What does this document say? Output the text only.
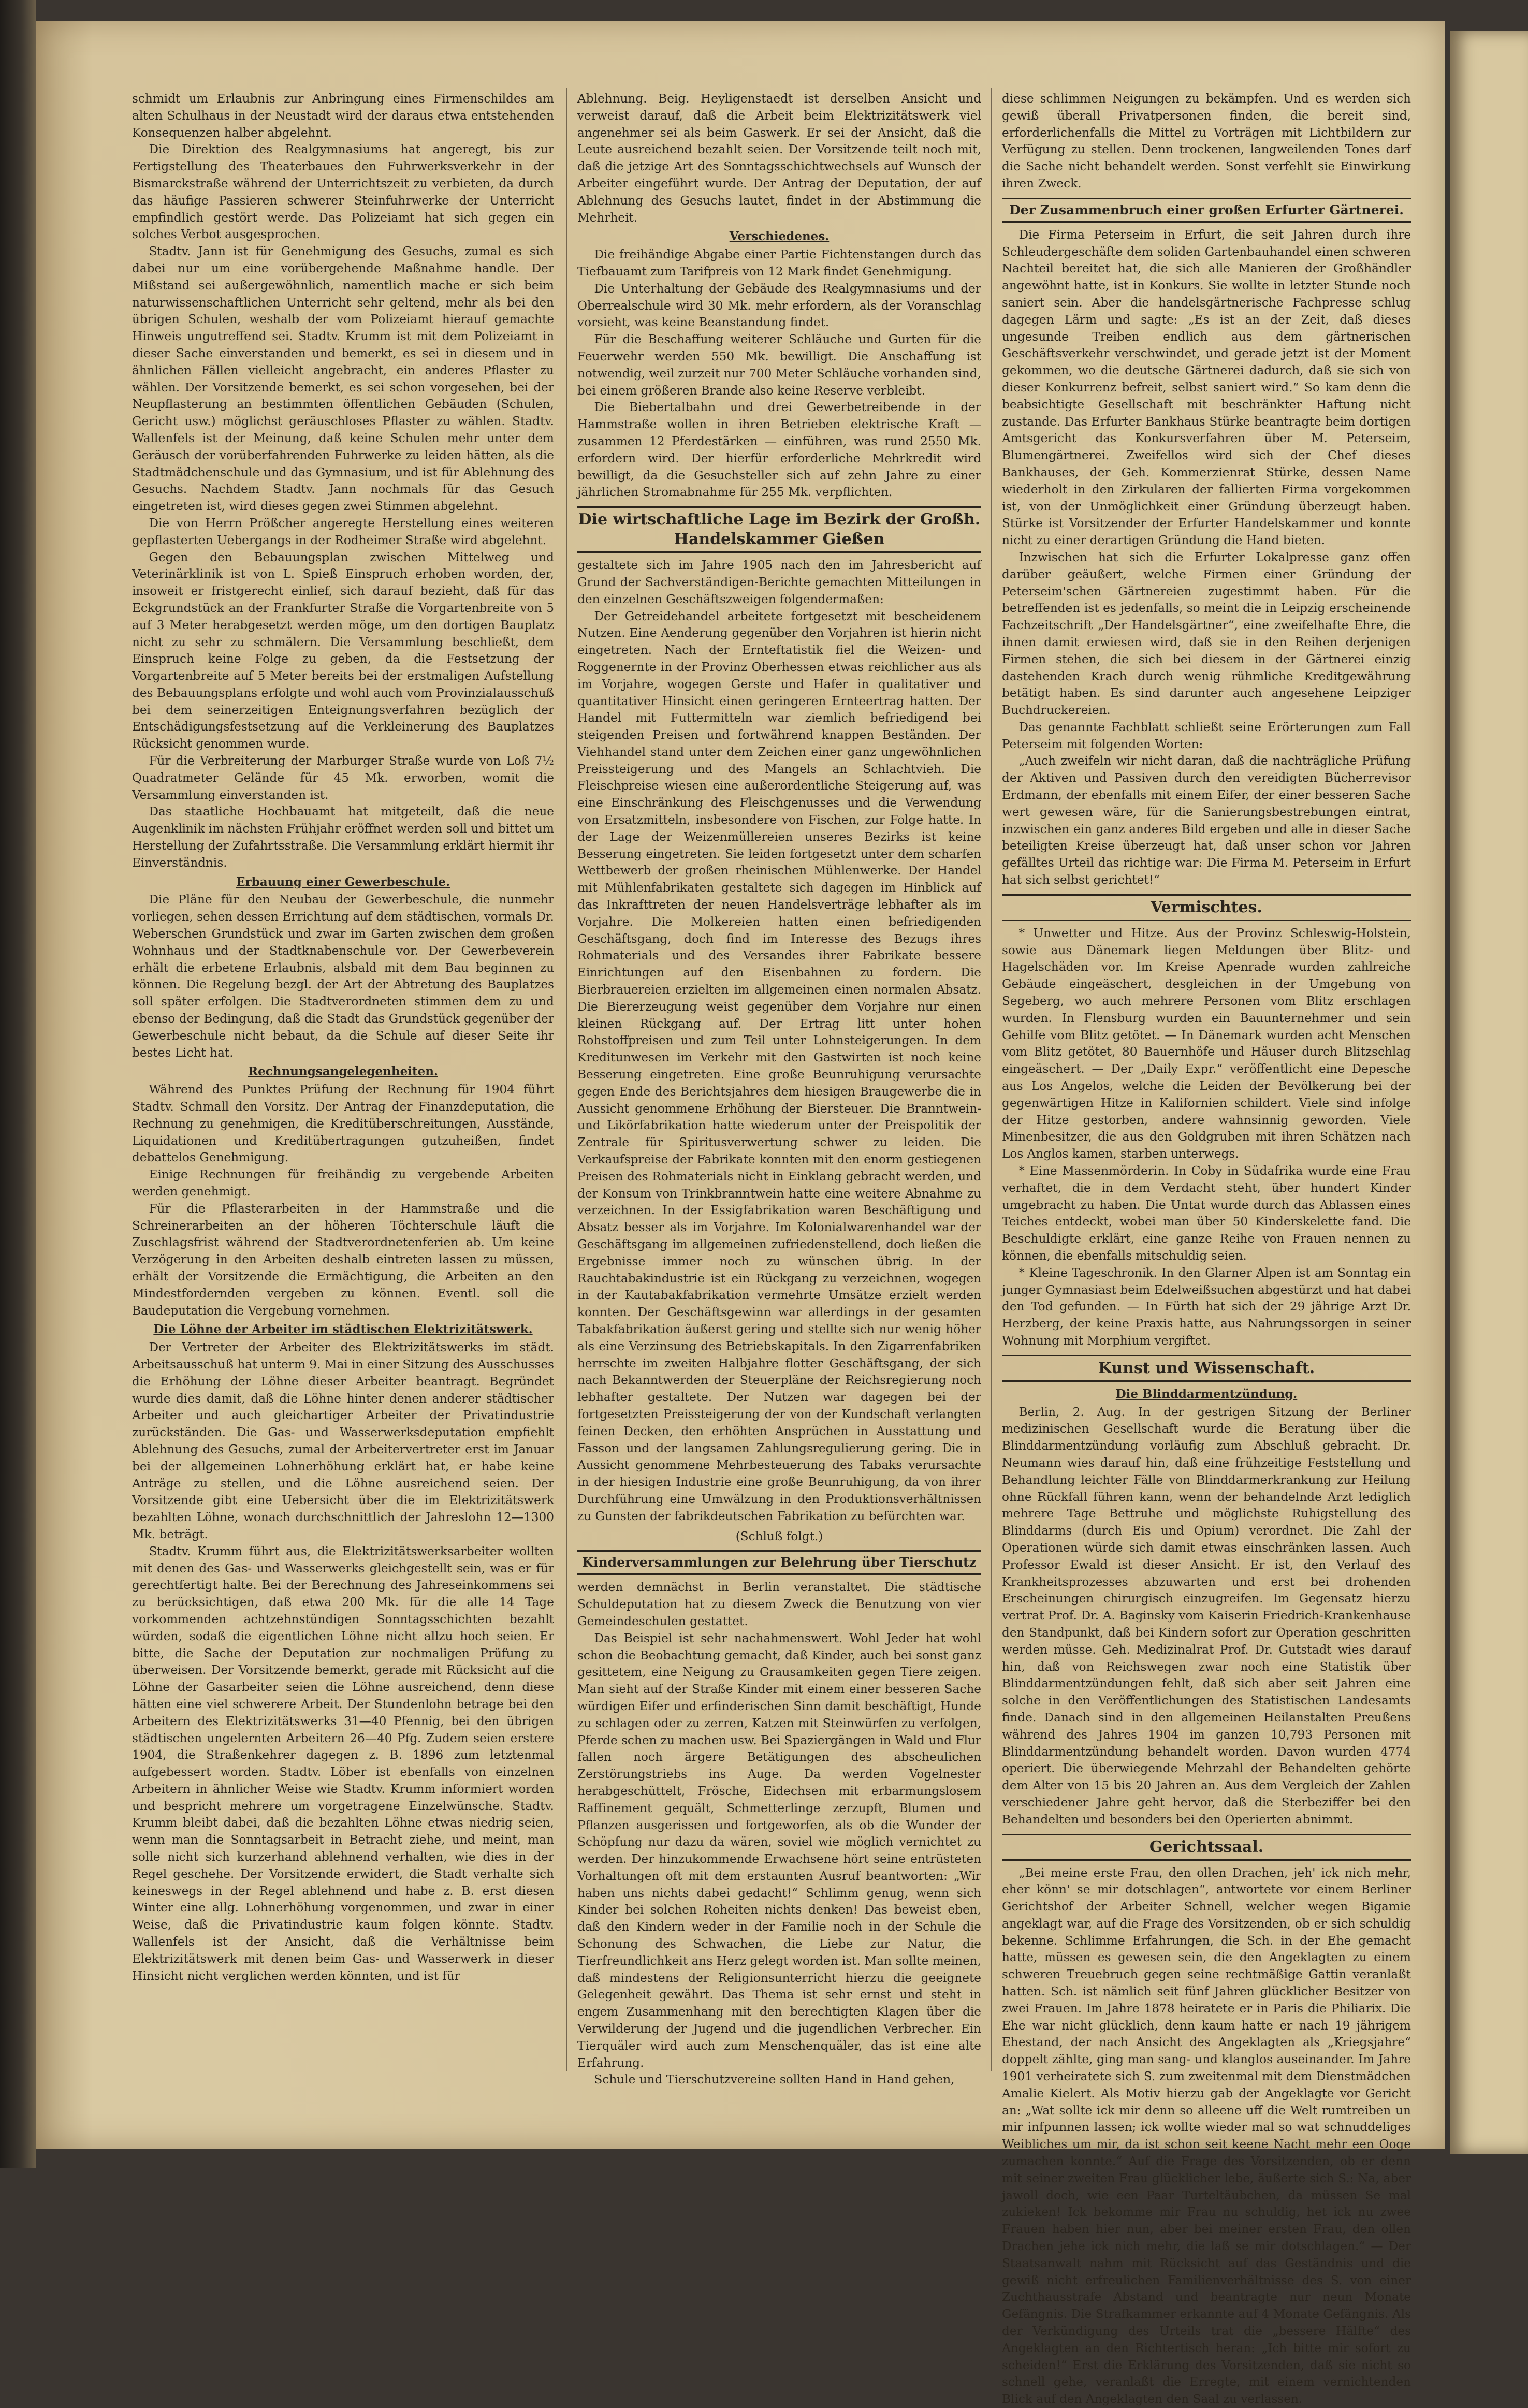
schmidt um Erlaubnis zur Anbringung eines Firmenschildes am alten Schulhaus in der Neustadt wird der daraus etwa entstehenden Konsequenzen halber abgelehnt.

Die Direktion des Realgymnasiums hat angeregt, bis zur Fertigstellung des Theaterbaues den Fuhrwerksverkehr in der Bismarckstraße während der Unterrichtszeit zu verbieten, da durch das häufige Passieren schwerer Steinfuhrwerke der Unterricht empfindlich gestört werde. Das Polizeiamt hat sich gegen ein solches Verbot ausgesprochen.

Stadtv. Jann ist für Genehmigung des Gesuchs, zumal es sich dabei nur um eine vorübergehende Maßnahme handle. Der Mißstand sei außergewöhnlich, namentlich mache er sich beim naturwissenschaftlichen Unterricht sehr geltend, mehr als bei den übrigen Schulen, weshalb der vom Polizeiamt hierauf gemachte Hinweis ungutreffend sei. Stadtv. Krumm ist mit dem Polizeiamt in dieser Sache einverstanden und bemerkt, es sei in diesem und in ähnlichen Fällen vielleicht angebracht, ein anderes Pflaster zu wählen. Der Vorsitzende bemerkt, es sei schon vorgesehen, bei der Neupflasterung an bestimmten öffentlichen Gebäuden (Schulen, Gericht usw.) möglichst geräuschloses Pflaster zu wählen. Stadtv. Wallenfels ist der Meinung, daß keine Schulen mehr unter dem Geräusch der vorüberfahrenden Fuhrwerke zu leiden hätten, als die Stadtmädchenschule und das Gymnasium, und ist für Ablehnung des Gesuchs. Nachdem Stadtv. Jann nochmals für das Gesuch eingetreten ist, wird dieses gegen zwei Stimmen abgelehnt.

Die von Herrn Prößcher angeregte Herstellung eines weiteren gepflasterten Uebergangs in der Rodheimer Straße wird abgelehnt.

Gegen den Bebauungsplan zwischen Mittelweg und Veterinärklinik ist von L. Spieß Einspruch erhoben worden, der, insoweit er fristgerecht einlief, sich darauf bezieht, daß für das Eckgrundstück an der Frankfurter Straße die Vorgartenbreite von 5 auf 3 Meter herabgesetzt werden möge, um den dortigen Bauplatz nicht zu sehr zu schmälern. Die Versammlung beschließt, dem Einspruch keine Folge zu geben, da die Festsetzung der Vorgartenbreite auf 5 Meter bereits bei der erstmaligen Aufstellung des Bebauungsplans erfolgte und wohl auch vom Provinzialausschuß bei dem seinerzeitigen Enteignungsverfahren bezüglich der Entschädigungsfestsetzung auf die Verkleinerung des Bauplatzes Rücksicht genommen wurde.

Für die Verbreiterung der Marburger Straße wurde von Loß 7½ Quadratmeter Gelände für 45 Mk. erworben, womit die Versammlung einverstanden ist.

Das staatliche Hochbauamt hat mitgeteilt, daß die neue Augenklinik im nächsten Frühjahr eröffnet werden soll und bittet um Herstellung der Zufahrtsstraße. Die Versammlung erklärt hiermit ihr Einverständnis.

Erbauung einer Gewerbeschule.

Die Pläne für den Neubau der Gewerbeschule, die nunmehr vorliegen, sehen dessen Errichtung auf dem städtischen, vormals Dr. Weberschen Grundstück und zwar im Garten zwischen dem großen Wohnhaus und der Stadtknabenschule vor. Der Gewerbeverein erhält die erbetene Erlaubnis, alsbald mit dem Bau beginnen zu können. Die Regelung bezgl. der Art der Abtretung des Bauplatzes soll später erfolgen. Die Stadtverordneten stimmen dem zu und ebenso der Bedingung, daß die Stadt das Grundstück gegenüber der Gewerbeschule nicht bebaut, da die Schule auf dieser Seite ihr bestes Licht hat.

Rechnungsangelegenheiten.

Während des Punktes Prüfung der Rechnung für 1904 führt Stadtv. Schmall den Vorsitz. Der Antrag der Finanzdeputation, die Rechnung zu genehmigen, die Kreditüberschreitungen, Ausstände, Liquidationen und Kreditübertragungen gutzuheißen, findet debattelos Genehmigung.

Einige Rechnungen für freihändig zu vergebende Arbeiten werden genehmigt.

Für die Pflasterarbeiten in der Hammstraße und die Schreinerarbeiten an der höheren Töchterschule läuft die Zuschlagsfrist während der Stadtverordnetenferien ab. Um keine Verzögerung in den Arbeiten deshalb eintreten lassen zu müssen, erhält der Vorsitzende die Ermächtigung, die Arbeiten an den Mindestfordernden vergeben zu können. Eventl. soll die Baudeputation die Vergebung vornehmen.

Die Löhne der Arbeiter im städtischen Elektrizitätswerk.

Der Vertreter der Arbeiter des Elektrizitätswerks im städt. Arbeitsausschuß hat unterm 9. Mai in einer Sitzung des Ausschusses die Erhöhung der Löhne dieser Arbeiter beantragt. Begründet wurde dies damit, daß die Löhne hinter denen anderer städtischer Arbeiter und auch gleichartiger Arbeiter der Privatindustrie zurückständen. Die Gas- und Wasserwerksdeputation empfiehlt Ablehnung des Gesuchs, zumal der Arbeitervertreter erst im Januar bei der allgemeinen Lohnerhöhung erklärt hat, er habe keine Anträge zu stellen, und die Löhne ausreichend seien. Der Vorsitzende gibt eine Uebersicht über die im Elektrizitätswerk bezahlten Löhne, wonach durchschnittlich der Jahreslohn 12—1300 Mk. beträgt.

Stadtv. Krumm führt aus, die Elektrizitätswerksarbeiter wollten mit denen des Gas- und Wasserwerks gleichgestellt sein, was er für gerechtfertigt halte. Bei der Berechnung des Jahreseinkommens sei zu berücksichtigen, daß etwa 200 Mk. für die alle 14 Tage vorkommenden achtzehnstündigen Sonntagsschichten bezahlt würden, sodaß die eigentlichen Löhne nicht allzu hoch seien. Er bitte, die Sache der Deputation zur nochmaligen Prüfung zu überweisen. Der Vorsitzende bemerkt, gerade mit Rücksicht auf die Löhne der Gasarbeiter seien die Löhne ausreichend, denn diese hätten eine viel schwerere Arbeit. Der Stundenlohn betrage bei den Arbeitern des Elektrizitätswerks 31—40 Pfennig, bei den übrigen städtischen ungelernten Arbeitern 26—40 Pfg. Zudem seien erstere 1904, die Straßenkehrer dagegen z. B. 1896 zum letztenmal aufgebessert worden. Stadtv. Löber ist ebenfalls von einzelnen Arbeitern in ähnlicher Weise wie Stadtv. Krumm informiert worden und bespricht mehrere um vorgetragene Einzelwünsche. Stadtv. Krumm bleibt dabei, daß die bezahlten Löhne etwas niedrig seien, wenn man die Sonntagsarbeit in Betracht ziehe, und meint, man solle nicht sich kurzerhand ablehnend verhalten, wie dies in der Regel geschehe. Der Vorsitzende erwidert, die Stadt verhalte sich keineswegs in der Regel ablehnend und habe z. B. erst diesen Winter eine allg. Lohnerhöhung vorgenommen, und zwar in einer Weise, daß die Privatindustrie kaum folgen könnte. Stadtv. Wallenfels ist der Ansicht, daß die Verhältnisse beim Elektrizitätswerk mit denen beim Gas- und Wasserwerk in dieser Hinsicht nicht verglichen werden könnten, und ist für

Ablehnung. Beig. Heyligenstaedt ist derselben Ansicht und verweist darauf, daß die Arbeit beim Elektrizitätswerk viel angenehmer sei als beim Gaswerk. Er sei der Ansicht, daß die Leute ausreichend bezahlt seien. Der Vorsitzende teilt noch mit, daß die jetzige Art des Sonntagsschichtwechsels auf Wunsch der Arbeiter eingeführt wurde. Der Antrag der Deputation, der auf Ablehnung des Gesuchs lautet, findet in der Abstimmung die Mehrheit.

Verschiedenes.

Die freihändige Abgabe einer Partie Fichtenstangen durch das Tiefbauamt zum Tarifpreis von 12 Mark findet Genehmigung.

Die Unterhaltung der Gebäude des Realgymnasiums und der Oberrealschule wird 30 Mk. mehr erfordern, als der Voranschlag vorsieht, was keine Beanstandung findet.

Für die Beschaffung weiterer Schläuche und Gurten für die Feuerwehr werden 550 Mk. bewilligt. Die Anschaffung ist notwendig, weil zurzeit nur 700 Meter Schläuche vorhanden sind, bei einem größeren Brande also keine Reserve verbleibt.

Die Biebertalbahn und drei Gewerbetreibende in der Hammstraße wollen in ihren Betrieben elektrische Kraft — zusammen 12 Pferdestärken — einführen, was rund 2550 Mk. erfordern wird. Der hierfür erforderliche Mehrkredit wird bewilligt, da die Gesuchsteller sich auf zehn Jahre zu einer jährlichen Stromabnahme für 255 Mk. verpflichten.

Die wirtschaftliche Lage im Bezirk der Großh. Handelskammer Gießen

gestaltete sich im Jahre 1905 nach den im Jahresbericht auf Grund der Sachverständigen-Berichte gemachten Mitteilungen in den einzelnen Geschäftszweigen folgendermaßen:

Der Getreidehandel arbeitete fortgesetzt mit bescheidenem Nutzen. Eine Aenderung gegenüber den Vorjahren ist hierin nicht eingetreten. Nach der Ernteftatistik fiel die Weizen- und Roggenernte in der Provinz Oberhessen etwas reichlicher aus als im Vorjahre, wogegen Gerste und Hafer in qualitativer und quantitativer Hinsicht einen geringeren Ernteertrag hatten. Der Handel mit Futtermitteln war ziemlich befriedigend bei steigenden Preisen und fortwährend knappen Beständen. Der Viehhandel stand unter dem Zeichen einer ganz ungewöhnlichen Preissteigerung und des Mangels an Schlachtvieh. Die Fleischpreise wiesen eine außerordentliche Steigerung auf, was eine Einschränkung des Fleischgenusses und die Verwendung von Ersatzmitteln, insbesondere von Fischen, zur Folge hatte. In der Lage der Weizenmüllereien unseres Bezirks ist keine Besserung eingetreten. Sie leiden fortgesetzt unter dem scharfen Wettbewerb der großen rheinischen Mühlenwerke. Der Handel mit Mühlenfabrikaten gestaltete sich dagegen im Hinblick auf das Inkrafttreten der neuen Handelsverträge lebhafter als im Vorjahre. Die Molkereien hatten einen befriedigenden Geschäftsgang, doch find im Interesse des Bezugs ihres Rohmaterials und des Versandes ihrer Fabrikate bessere Einrichtungen auf den Eisenbahnen zu fordern. Die Bierbrauereien erzielten im allgemeinen einen normalen Absatz. Die Biererzeugung weist gegenüber dem Vorjahre nur einen kleinen Rückgang auf. Der Ertrag litt unter hohen Rohstoffpreisen und zum Teil unter Lohnsteigerungen. In dem Kreditunwesen im Verkehr mit den Gastwirten ist noch keine Besserung eingetreten. Eine große Beunruhigung verursachte gegen Ende des Berichtsjahres dem hiesigen Braugewerbe die in Aussicht genommene Erhöhung der Biersteuer. Die Branntwein- und Likörfabrikation hatte wiederum unter der Preispolitik der Zentrale für Spiritusverwertung schwer zu leiden. Die Verkaufspreise der Fabrikate konnten mit den enorm gestiegenen Preisen des Rohmaterials nicht in Einklang gebracht werden, und der Konsum von Trinkbranntwein hatte eine weitere Abnahme zu verzeichnen. In der Essigfabrikation waren Beschäftigung und Absatz besser als im Vorjahre. Im Kolonialwarenhandel war der Geschäftsgang im allgemeinen zufriedenstellend, doch ließen die Ergebnisse immer noch zu wünschen übrig. In der Rauchtabakindustrie ist ein Rückgang zu verzeichnen, wogegen in der Kautabakfabrikation vermehrte Umsätze erzielt werden konnten. Der Geschäftsgewinn war allerdings in der gesamten Tabakfabrikation äußerst gering und stellte sich nur wenig höher als eine Verzinsung des Betriebskapitals. In den Zigarrenfabriken herrschte im zweiten Halbjahre flotter Geschäftsgang, der sich nach Bekanntwerden der Steuerpläne der Reichsregierung noch lebhafter gestaltete. Der Nutzen war dagegen bei der fortgesetzten Preissteigerung der von der Kundschaft verlangten feinen Decken, den erhöhten Ansprüchen in Ausstattung und Fasson und der langsamen Zahlungsregulierung gering. Die in Aussicht genommene Mehrbesteuerung des Tabaks verursachte in der hiesigen Industrie eine große Beunruhigung, da von ihrer Durchführung eine Umwälzung in den Produktionsverhältnissen zu Gunsten der fabrikdeutschen Fabrikation zu befürchten war.

(Schluß folgt.)
Kinderversammlungen zur Belehrung über Tierschutz

werden demnächst in Berlin veranstaltet. Die städtische Schuldeputation hat zu diesem Zweck die Benutzung von vier Gemeindeschulen gestattet.

Das Beispiel ist sehr nachahmenswert. Wohl Jeder hat wohl schon die Beobachtung gemacht, daß Kinder, auch bei sonst ganz gesittetem, eine Neigung zu Grausamkeiten gegen Tiere zeigen. Man sieht auf der Straße Kinder mit einem einer besseren Sache würdigen Eifer und erfinderischen Sinn damit beschäftigt, Hunde zu schlagen oder zu zerren, Katzen mit Steinwürfen zu verfolgen, Pferde schen zu machen usw. Bei Spaziergängen in Wald und Flur fallen noch ärgere Betätigungen des abscheulichen Zerstörungstriebs ins Auge. Da werden Vogelnester herabgeschüttelt, Frösche, Eidechsen mit erbarmungslosem Raffinement gequält, Schmetterlinge zerzupft, Blumen und Pflanzen ausgerissen und fortgeworfen, als ob die Wunder der Schöpfung nur dazu da wären, soviel wie möglich vernichtet zu werden. Der hinzukommende Erwachsene hört seine entrüsteten Vorhaltungen oft mit dem erstaunten Ausruf beantworten: „Wir haben uns nichts dabei gedacht!“ Schlimm genug, wenn sich Kinder bei solchen Roheiten nichts denken! Das beweist eben, daß den Kindern weder in der Familie noch in der Schule die Schonung des Schwachen, die Liebe zur Natur, die Tierfreundlichkeit ans Herz gelegt worden ist. Man sollte meinen, daß mindestens der Religionsunterricht hierzu die geeignete Gelegenheit gewährt. Das Thema ist sehr ernst und steht in engem Zusammenhang mit den berechtigten Klagen über die Verwilderung der Jugend und die jugendlichen Verbrecher. Ein Tierquäler wird auch zum Menschenquäler, das ist eine alte Erfahrung.

Schule und Tierschutzvereine sollten Hand in Hand gehen,

diese schlimmen Neigungen zu bekämpfen. Und es werden sich gewiß überall Privatpersonen finden, die bereit sind, erforderlichenfalls die Mittel zu Vorträgen mit Lichtbildern zur Verfügung zu stellen. Denn trockenen, langweilenden Tones darf die Sache nicht behandelt werden. Sonst verfehlt sie Einwirkung ihren Zweck.

Der Zusammenbruch einer großen Erfurter Gärtnerei.

Die Firma Peterseim in Erfurt, die seit Jahren durch ihre Schleudergeschäfte dem soliden Gartenbauhandel einen schweren Nachteil bereitet hat, die sich alle Manieren der Großhändler angewöhnt hatte, ist in Konkurs. Sie wollte in letzter Stunde noch saniert sein. Aber die handelsgärtnerische Fachpresse schlug dagegen Lärm und sagte: „Es ist an der Zeit, daß dieses ungesunde Treiben endlich aus dem gärtnerischen Geschäftsverkehr verschwindet, und gerade jetzt ist der Moment gekommen, wo die deutsche Gärtnerei dadurch, daß sie sich von dieser Konkurrenz befreit, selbst saniert wird.“ So kam denn die beabsichtigte Gesellschaft mit beschränkter Haftung nicht zustande. Das Erfurter Bankhaus Stürke beantragte beim dortigen Amtsgericht das Konkursverfahren über M. Peterseim, Blumengärtnerei. Zweifellos wird sich der Chef dieses Bankhauses, der Geh. Kommerzienrat Stürke, dessen Name wiederholt in den Zirkularen der fallierten Firma vorgekommen ist, von der Unmöglichkeit einer Gründung überzeugt haben. Stürke ist Vorsitzender der Erfurter Handelskammer und konnte nicht zu einer derartigen Gründung die Hand bieten.

Inzwischen hat sich die Erfurter Lokalpresse ganz offen darüber geäußert, welche Firmen einer Gründung der Peterseim'schen Gärtnereien zugestimmt haben. Für die betreffenden ist es jedenfalls, so meint die in Leipzig erscheinende Fachzeitschrift „Der Handelsgärtner“, eine zweifelhafte Ehre, die ihnen damit erwiesen wird, daß sie in den Reihen derjenigen Firmen stehen, die sich bei diesem in der Gärtnerei einzig dastehenden Krach durch wenig rühmliche Kreditgewährung betätigt haben. Es sind darunter auch angesehene Leipziger Buchdruckereien.

Das genannte Fachblatt schließt seine Erörterungen zum Fall Peterseim mit folgenden Worten:

„Auch zweifeln wir nicht daran, daß die nachträgliche Prüfung der Aktiven und Passiven durch den vereidigten Bücherrevisor Erdmann, der ebenfalls mit einem Eifer, der einer besseren Sache wert gewesen wäre, für die Sanierungsbestrebungen eintrat, inzwischen ein ganz anderes Bild ergeben und alle in dieser Sache beteiligten Kreise überzeugt hat, daß unser schon vor Jahren gefälltes Urteil das richtige war: Die Firma M. Peterseim in Erfurt hat sich selbst gerichtet!“

Vermischtes.

* Unwetter und Hitze. Aus der Provinz Schleswig-Holstein, sowie aus Dänemark liegen Meldungen über Blitz- und Hagelschäden vor. Im Kreise Apenrade wurden zahlreiche Gebäude eingeäschert, desgleichen in der Umgebung von Segeberg, wo auch mehrere Personen vom Blitz erschlagen wurden. In Flensburg wurden ein Bauunternehmer und sein Gehilfe vom Blitz getötet. — In Dänemark wurden acht Menschen vom Blitz getötet, 80 Bauernhöfe und Häuser durch Blitzschlag eingeäschert. — Der „Daily Expr.“ veröffentlicht eine Depesche aus Los Angelos, welche die Leiden der Bevölkerung bei der gegenwärtigen Hitze in Kalifornien schildert. Viele sind infolge der Hitze gestorben, andere wahnsinnig geworden. Viele Minenbesitzer, die aus den Goldgruben mit ihren Schätzen nach Los Anglos kamen, starben unterwegs.

* Eine Massenmörderin. In Coby in Südafrika wurde eine Frau verhaftet, die in dem Verdacht steht, über hundert Kinder umgebracht zu haben. Die Untat wurde durch das Ablassen eines Teiches entdeckt, wobei man über 50 Kinderskelette fand. Die Beschuldigte erklärt, eine ganze Reihe von Frauen nennen zu können, die ebenfalls mitschuldig seien.

* Kleine Tageschronik. In den Glarner Alpen ist am Sonntag ein junger Gymnasiast beim Edelweißsuchen abgestürzt und hat dabei den Tod gefunden. — In Fürth hat sich der 29 jährige Arzt Dr. Herzberg, der keine Praxis hatte, aus Nahrungssorgen in seiner Wohnung mit Morphium vergiftet.

Kunst und Wissenschaft.
Die Blinddarmentzündung.

Berlin, 2. Aug. In der gestrigen Sitzung der Berliner medizinischen Gesellschaft wurde die Beratung über die Blinddarmentzündung vorläufig zum Abschluß gebracht. Dr. Neumann wies darauf hin, daß eine frühzeitige Feststellung und Behandlung leichter Fälle von Blinddarmerkrankung zur Heilung ohne Rückfall führen kann, wenn der behandelnde Arzt lediglich mehrere Tage Bettruhe und möglichste Ruhigstellung des Blinddarms (durch Eis und Opium) verordnet. Die Zahl der Operationen würde sich damit etwas einschränken lassen. Auch Professor Ewald ist dieser Ansicht. Er ist, den Verlauf des Krankheitsprozesses abzuwarten und erst bei drohenden Erscheinungen chirurgisch einzugreifen. Im Gegensatz hierzu vertrat Prof. Dr. A. Baginsky vom Kaiserin Friedrich-Krankenhause den Standpunkt, daß bei Kindern sofort zur Operation geschritten werden müsse. Geh. Medizinalrat Prof. Dr. Gutstadt wies darauf hin, daß von Reichswegen zwar noch eine Statistik über Blinddarmentzündungen fehlt, daß sich aber seit Jahren eine solche in den Veröffentlichungen des Statistischen Landesamts finde. Danach sind in den allgemeinen Heilanstalten Preußens während des Jahres 1904 im ganzen 10,793 Personen mit Blinddarmentzündung behandelt worden. Davon wurden 4774 operiert. Die überwiegende Mehrzahl der Behandelten gehörte dem Alter von 15 bis 20 Jahren an. Aus dem Vergleich der Zahlen verschiedener Jahre geht hervor, daß die Sterbeziffer bei den Behandelten und besonders bei den Operierten abnimmt.

Gerichtssaal.

„Bei meine erste Frau, den ollen Drachen, jeh' ick nich mehr, eher könn' se mir dotschlagen“, antwortete vor einem Berliner Gerichtshof der Arbeiter Schnell, welcher wegen Bigamie angeklagt war, auf die Frage des Vorsitzenden, ob er sich schuldig bekenne. Schlimme Erfahrungen, die Sch. in der Ehe gemacht hatte, müssen es gewesen sein, die den Angeklagten zu einem schweren Treuebruch gegen seine rechtmäßige Gattin veranlaßt hatten. Sch. ist nämlich seit fünf Jahren glücklicher Besitzer von zwei Frauen. Im Jahre 1878 heiratete er in Paris die Philiarix. Die Ehe war nicht glücklich, denn kaum hatte er nach 19 jährigem Ehestand, der nach Ansicht des Angeklagten als „Kriegsjahre“ doppelt zählte, ging man sang- und klanglos auseinander. Im Jahre 1901 verheiratete sich S. zum zweitenmal mit dem Dienstmädchen Amalie Kielert. Als Motiv hierzu gab der Angeklagte vor Gericht an: „Wat sollte ick mir denn so alleene uff die Welt rumtreiben un mir infpunnen lassen; ick wollte wieder mal so wat schnuddeliges Weibliches um mir, da ist schon seit keene Nacht mehr een Ooge zumachen konnte.“ Auf die Frage des Vorsitzenden, ob er denn mit seiner zweiten Frau glücklicher lebe, äußerte sich S.: Na, aber jawoll doch, wie een Paar Turteltäubchen, da müssen Se mal zukieken! Ick bekomme mir Frau nu schuldig, het ick nu zwee Frauen haben hier nun, aber bei meiner ersten Frau, den ollen Drachen jehe ick nich mehr, die laß se mir dotschlagen.“ — Der Staatsanwalt nahm mit Rücksicht auf das Geständnis und die gewiß nicht erfreulichen Familienverhältnisse des S. von einer Zuchthausstrafe Abstand und beantragte nur neun Monate Gefängnis. Die Strafkammer erkannte auf 4 Monate Gefängnis. Als der Verkündigung des Urteils trat die „bessere Hälfte“ des Angeklagten an den Richtertisch heran: „Ich bitte mir sofort zu scheiden!“ Erst die Erklärung des Vorsitzenden, daß sie nicht so schnell gehe, veranlaßt die Erregte, mit einem vernichtenden Blick auf den Angeklagten den Saal zu verlassen.
